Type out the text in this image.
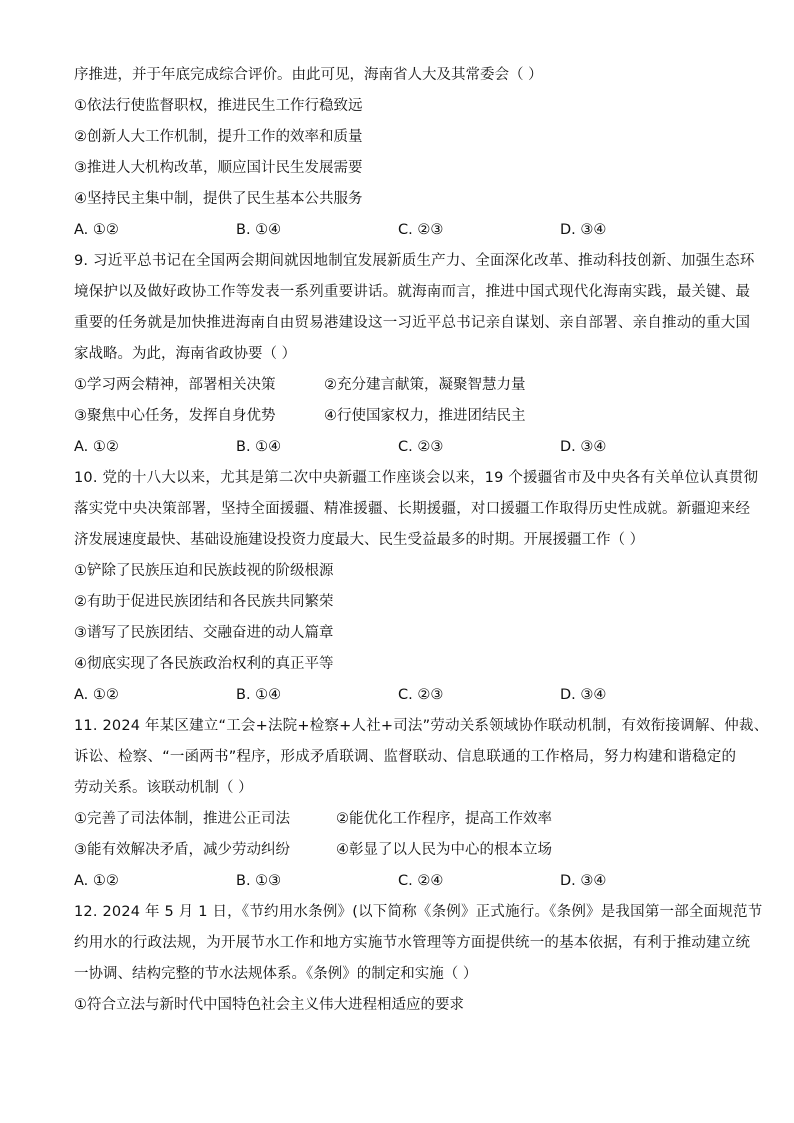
序推进，并于年底完成综合评价。由此可见，海南省人大及其常委会（ ）
①依法行使监督职权，推进民生工作行稳致远
②创新人大工作机制，提升工作的效率和质量
③推进人大机构改革，顺应国计民生发展需要
④坚持民主集中制，提供了民生基本公共服务
A. ①②	B. ①④	C. ②③	D. ③④
9. 习近平总书记在全国两会期间就因地制宜发展新质生产力、全面深化改革、推动科技创新、加强生态环
境保护以及做好政协工作等发表一系列重要讲话。就海南而言，推进中国式现代化海南实践，最关键、最
重要的任务就是加快推进海南自由贸易港建设这一习近平总书记亲自谋划、亲自部署、亲自推动的重大国
家战略。为此，海南省政协要（ ）
①学习两会精神，部署相关决策	②充分建言献策，凝聚智慧力量
③聚焦中心任务，发挥自身优势	④行使国家权力，推进团结民主
A. ①②	B. ①④	C. ②③	D. ③④
10. 党的十八大以来，尤其是第二次中央新疆工作座谈会以来，19 个援疆省市及中央各有关单位认真贯彻
落实党中央决策部署，坚持全面援疆、精准援疆、长期援疆，对口援疆工作取得历史性成就。新疆迎来经
济发展速度最快、基础设施建设投资力度最大、民生受益最多的时期。开展援疆工作（ ）
①铲除了民族压迫和民族歧视的阶级根源
②有助于促进民族团结和各民族共同繁荣
③谱写了民族团结、交融奋进的动人篇章
④彻底实现了各民族政治权利的真正平等
A. ①②	B. ①④	C. ②③	D. ③④
11. 2024 年某区建立“工会+法院+检察+人社+司法”劳动关系领域协作联动机制，有效衔接调解、仲裁、
诉讼、检察、“一函两书”程序，形成矛盾联调、监督联动、信息联通的工作格局，努力构建和谐稳定的
劳动关系。该联动机制（ ）
①完善了司法体制，推进公正司法	②能优化工作程序，提高工作效率
③能有效解决矛盾，减少劳动纠纷	④彰显了以人民为中心的根本立场
A. ①②	B. ①③	C. ②④	D. ③④
12. 2024 年 5 月 1 日，《节约用水条例》(以下简称《条例》正式施行。《条例》是我国第一部全面规范节
约用水的行政法规，为开展节水工作和地方实施节水管理等方面提供统一的基本依据，有利于推动建立统
一协调、结构完整的节水法规体系。《条例》的制定和实施（ ）
①符合立法与新时代中国特色社会主义伟大进程相适应的要求
